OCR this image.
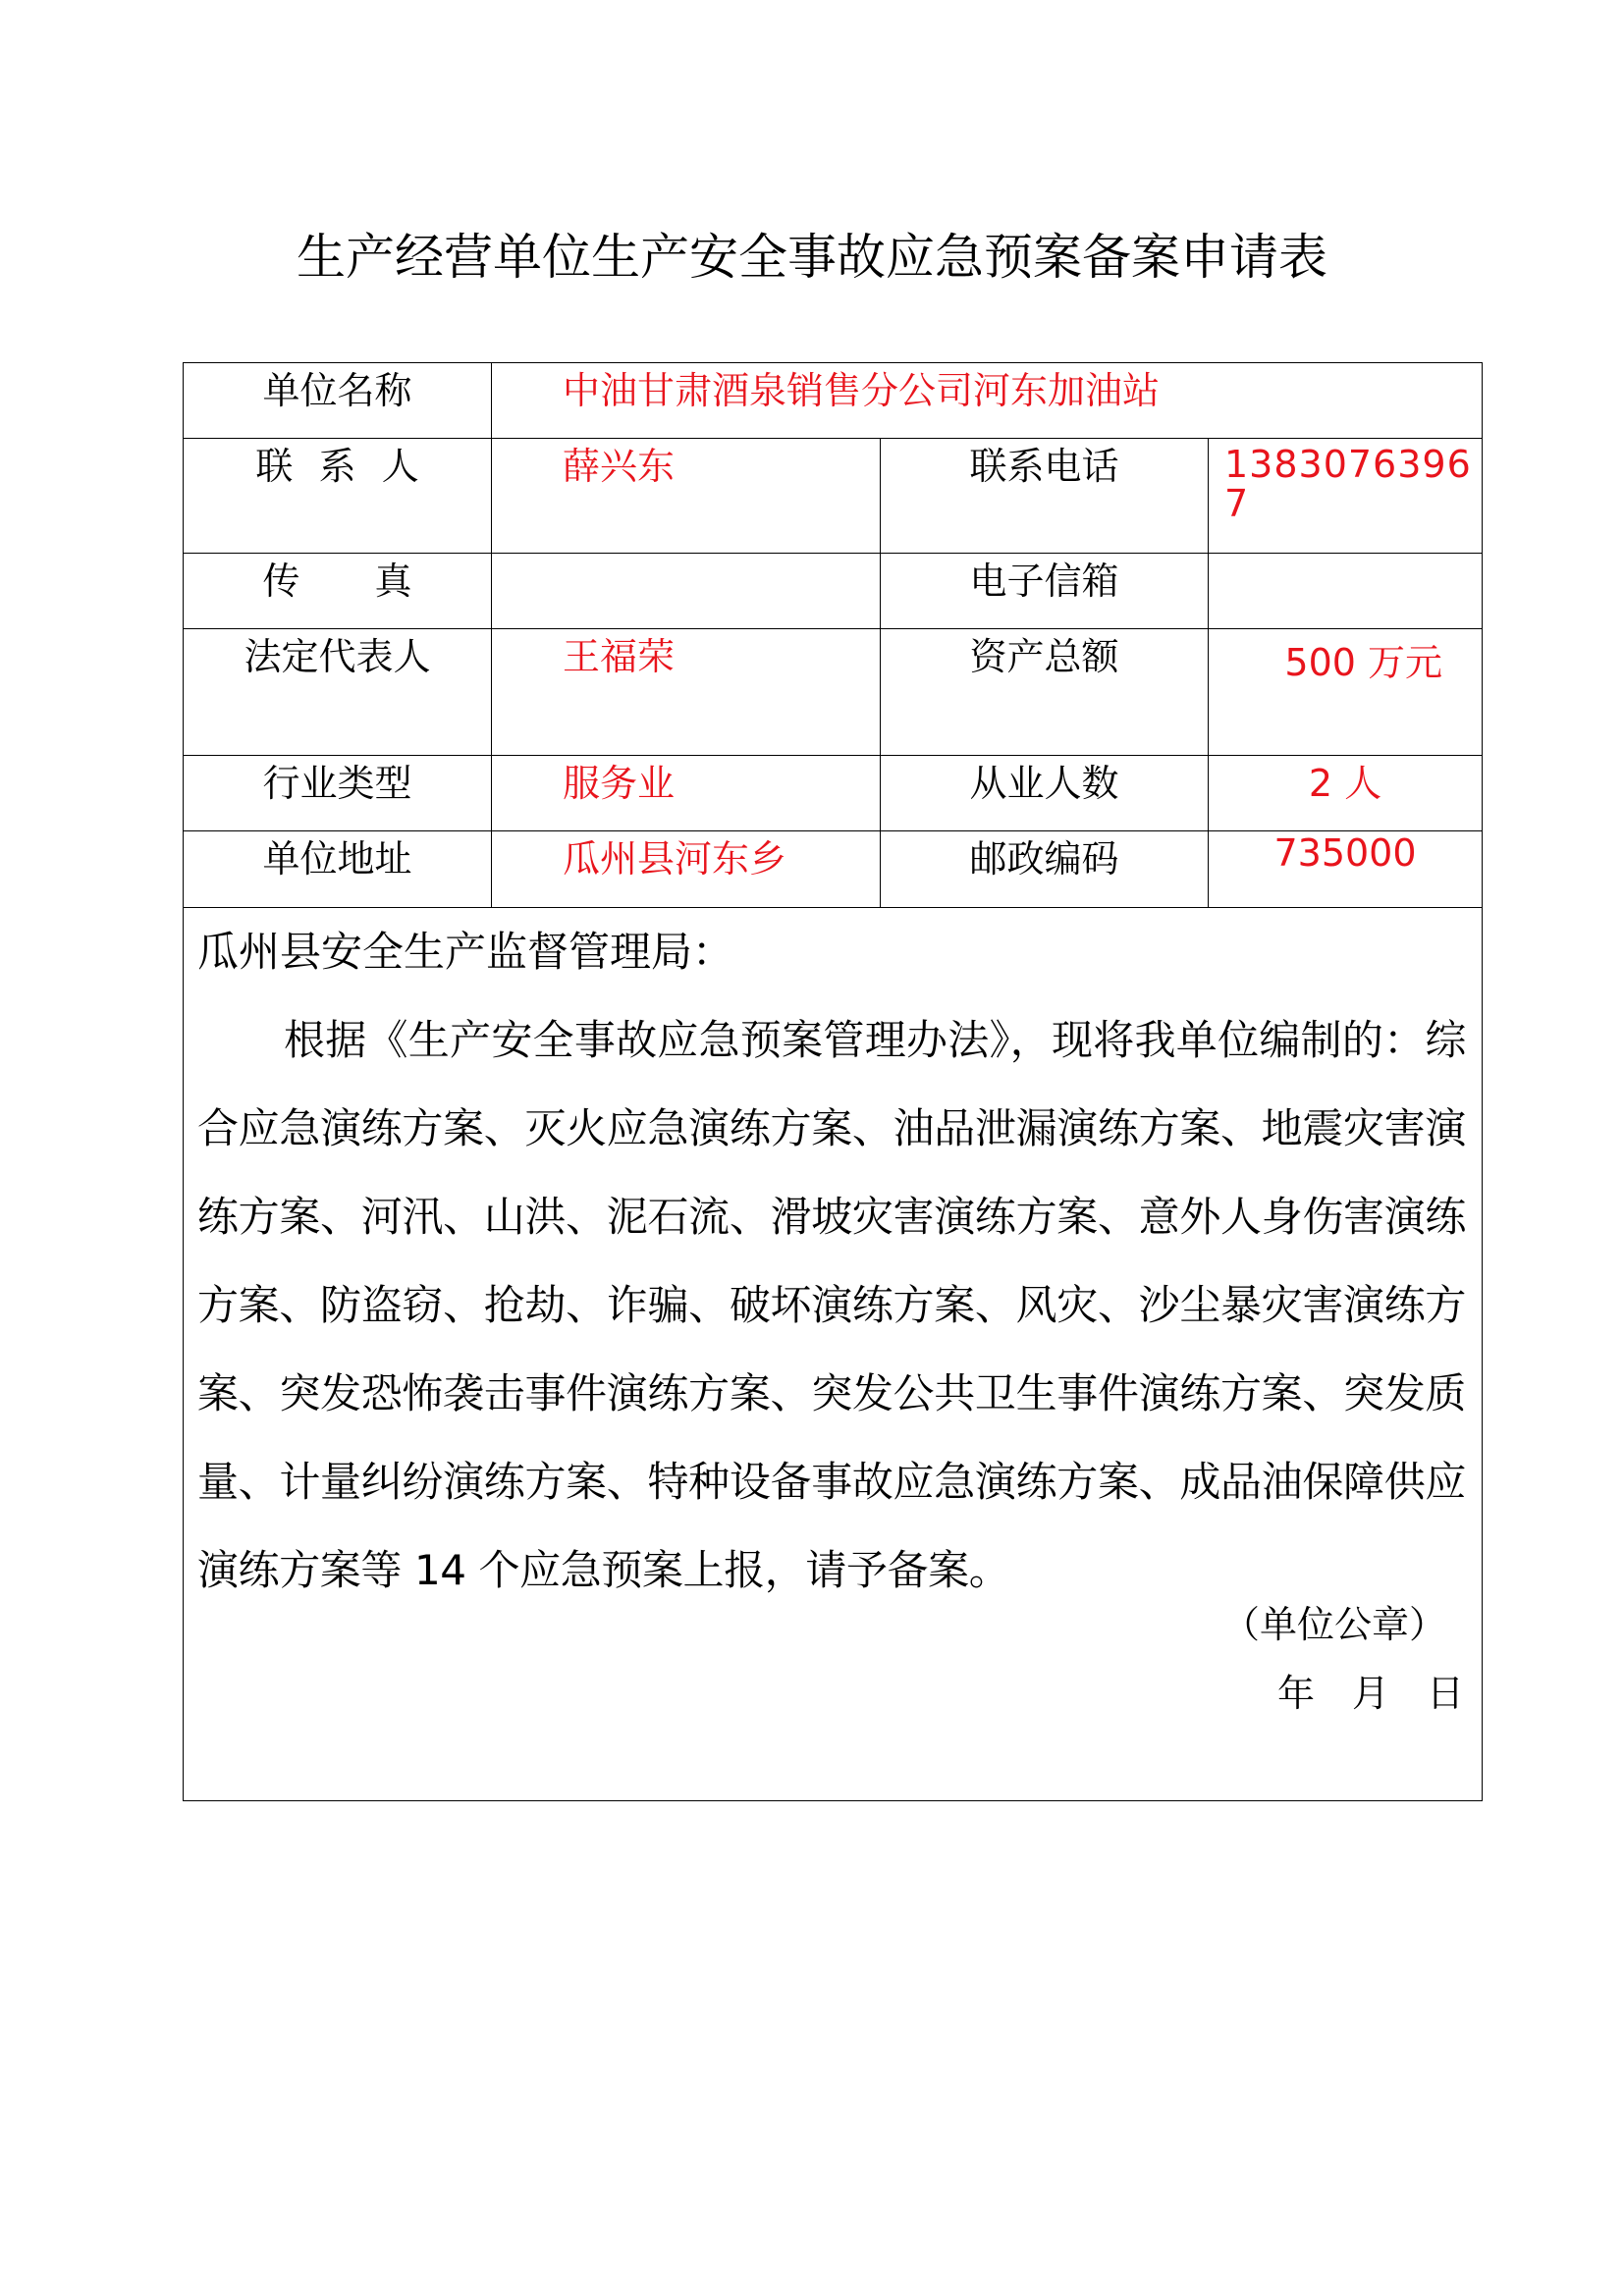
生产经营单位生产安全事故应急预案备案申请表
单位名称	中油甘肃酒泉销售分公司河东加油站		
联 系 人	薛兴东	联系电话	13830763967
传　　真		电子信箱	
法定代表人	王福荣	资产总额	500 万元
行业类型	服务业	从业人数	2 人
单位地址	瓜州县河东乡	邮政编码	735000

瓜州县安全生产监督管理局：

根据《生产安全事故应急预案管理办法》，现将我单位编制的：综合应急演练方案、灭火应急演练方案、油品泄漏演练方案、地震灾害演练方案、河汛、山洪、泥石流、滑坡灾害演练方案、意外人身伤害演练方案、防盗窃、抢劫、诈骗、破坏演练方案、风灾、沙尘暴灾害演练方案、突发恐怖袭击事件演练方案、突发公共卫生事件演练方案、突发质量、计量纠纷演练方案、特种设备事故应急演练方案、成品油保障供应演练方案等 14 个应急预案上报，请予备案。

（单位公章）
年　月　日			
